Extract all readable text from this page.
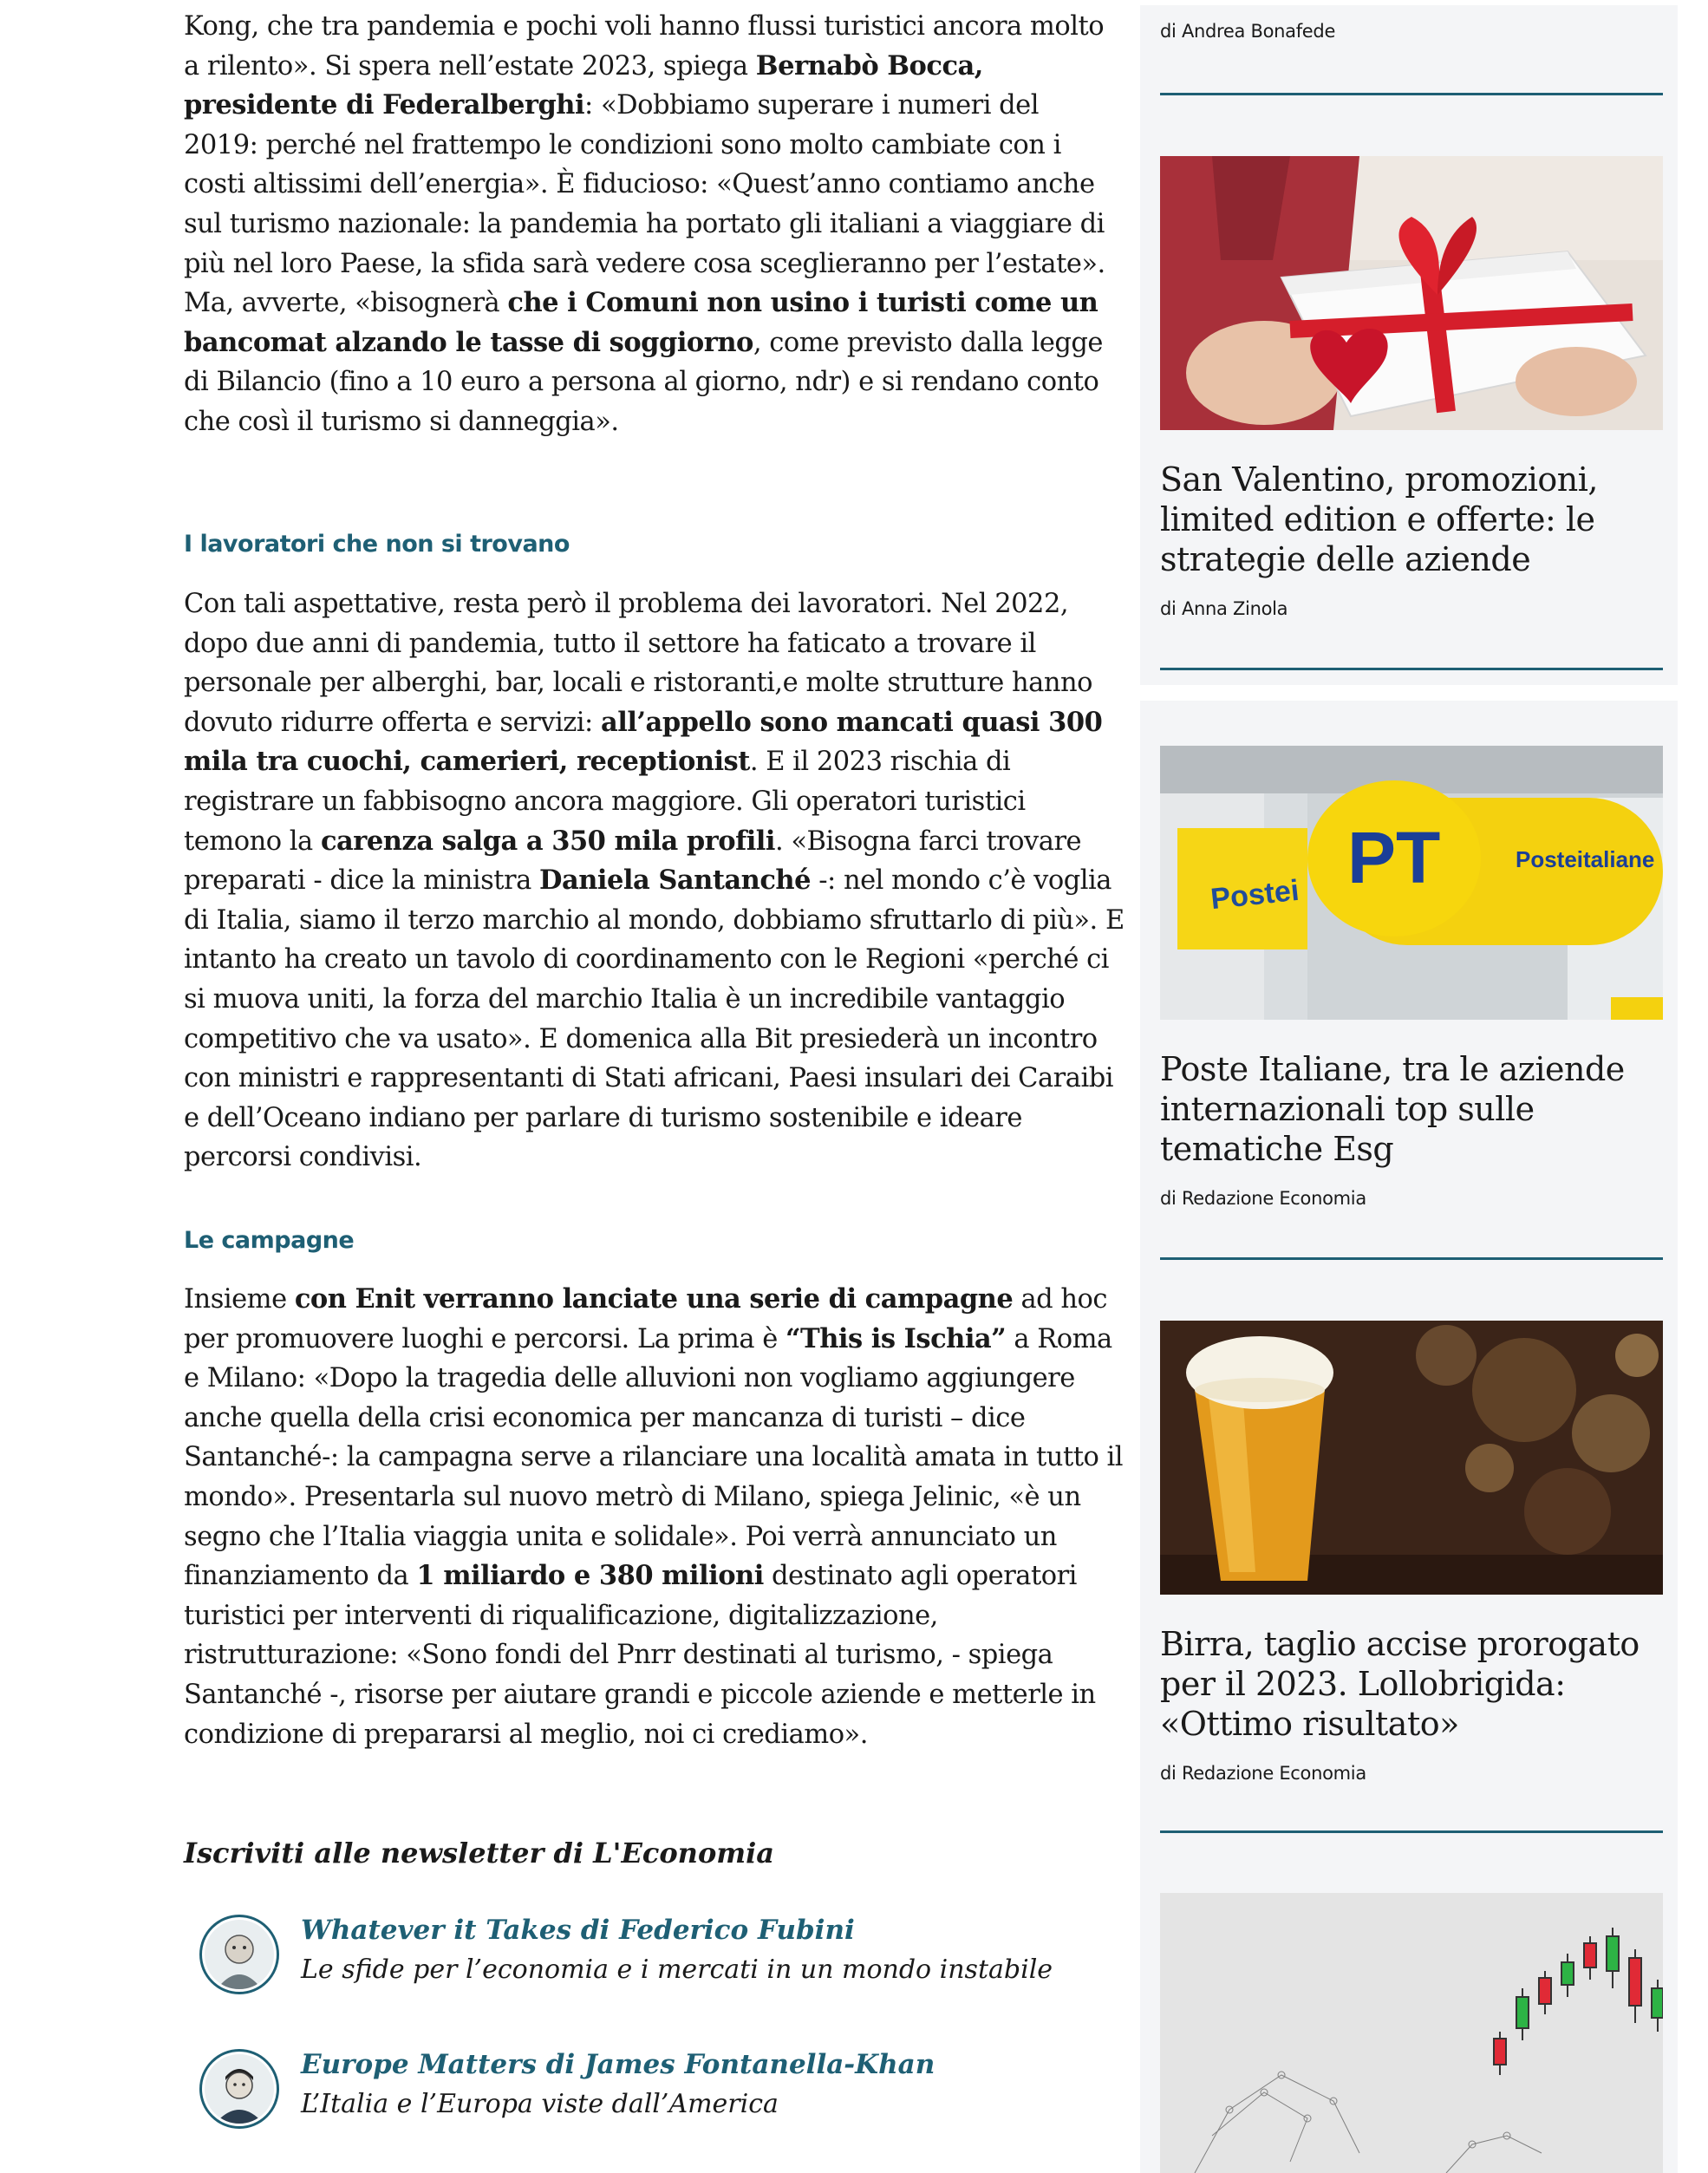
Kong, che tra pandemia e pochi voli hanno flussi turistici ancora molto a rilento». Si spera nell’estate 2023, spiega Bernabò Bocca, presidente di Federalberghi: «Dobbiamo superare i numeri del 2019: perché nel frattempo le condizioni sono molto cambiate con i costi altissimi dell’energia». È fiducioso: «Quest’anno contiamo anche sul turismo nazionale: la pandemia ha portato gli italiani a viaggiare di più nel loro Paese, la sfida sarà vedere cosa sceglieranno per l’estate». Ma, avverte, «bisognerà che i Comuni non usino i turisti come un bancomat alzando le tasse di soggiorno, come previsto dalla legge di Bilancio (fino a 10 euro a persona al giorno, ndr) e si rendano conto che così il turismo si danneggia».

I lavoratori che non si trovano

Con tali aspettative, resta però il problema dei lavoratori. Nel 2022, dopo due anni di pandemia, tutto il settore ha faticato a trovare il personale per alberghi, bar, locali e ristoranti,e molte strutture hanno dovuto ridurre offerta e servizi: all’appello sono mancati quasi 300 mila tra cuochi, camerieri, receptionist. E il 2023 rischia di registrare un fabbisogno ancora maggiore. Gli operatori turistici temono la carenza salga a 350 mila profili. «Bisogna farci trovare preparati - dice la ministra Daniela Santanché -: nel mondo c’è voglia di Italia, siamo il terzo marchio al mondo, dobbiamo sfruttarlo di più». E intanto ha creato un tavolo di coordinamento con le Regioni «perché ci si muova uniti, la forza del marchio Italia è un incredibile vantaggio competitivo che va usato». E domenica alla Bit presiederà un incontro con ministri e rappresentanti di Stati africani, Paesi insulari dei Caraibi e dell’Oceano indiano per parlare di turismo sostenibile e ideare percorsi condivisi.

Le campagne

Insieme con Enit verranno lanciate una serie di campagne ad hoc per promuovere luoghi e percorsi. La prima è “This is Ischia” a Roma e Milano: «Dopo la tragedia delle alluvioni non vogliamo aggiungere anche quella della crisi economica per mancanza di turisti – dice Santanché-: la campagna serve a rilanciare una località amata in tutto il mondo». Presentarla sul nuovo metrò di Milano, spiega Jelinic, «è un segno che l’Italia viaggia unita e solidale». Poi verrà annunciato un finanziamento da 1 miliardo e 380 milioni destinato agli operatori turistici per interventi di riqualificazione, digitalizzazione, ristrutturazione: «Sono fondi del Pnrr destinati al turismo, - spiega Santanché -, risorse per aiutare grandi e piccole aziende e metterle in condizione di prepararsi al meglio, noi ci crediamo».

Iscriviti alle newsletter di L'Economia
Whatever it Takes di Federico Fubini
Le sfide per l’economia e i mercati in un mondo instabile
Europe Matters di James Fontanella-Khan
L’Italia e l’Europa viste dall’America
di Andrea Bonafede

San Valentino, promozioni, limited edition e offerte: le strategie delle aziende

di Anna Zinola
Postei PT	Posteitaliane

Poste Italiane, tra le aziende internazionali top sulle tematiche Esg

di Redazione Economia

Birra, taglio accise prorogato per il 2023. Lollobrigida: «Ottimo risultato»

di Redazione Economia
